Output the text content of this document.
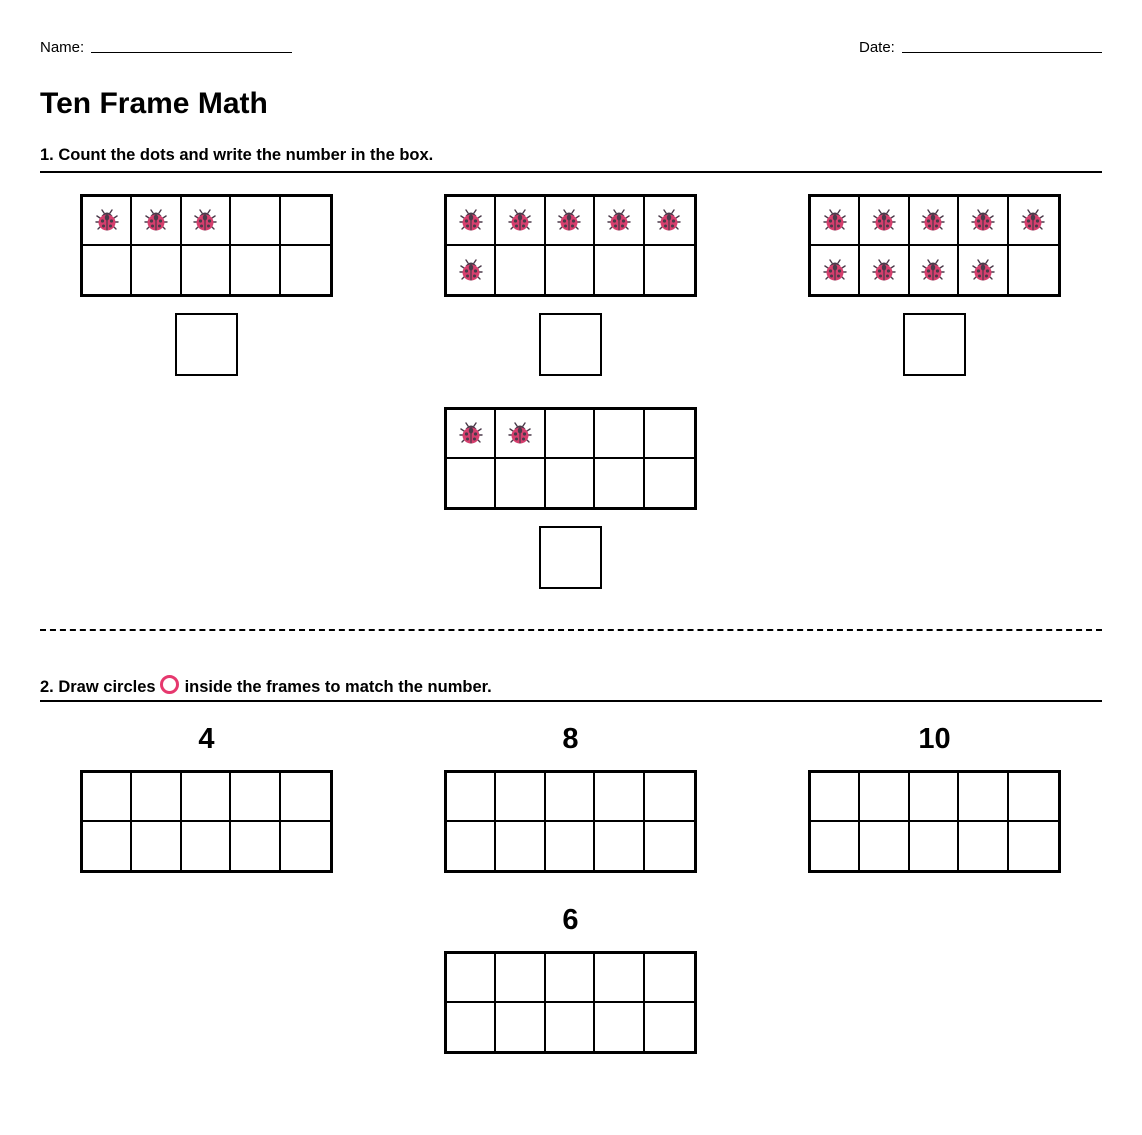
Name:	Date:
Ten Frame Math
1. Count the dots and write the number in the box.
2. Draw circles inside the frames to match the number.
4	8	10
6
